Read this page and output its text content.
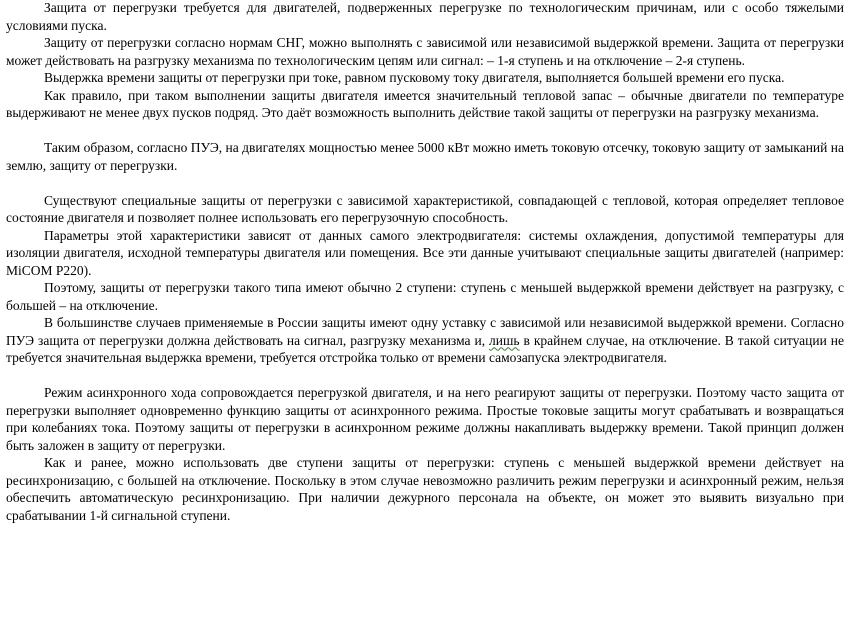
Защита от перегрузки требуется для двигателей, подверженных перегрузке по технологическим причинам, или с особо тяжелыми условиями пуска.

Защиту от перегрузки согласно нормам СНГ, можно выполнять с зависимой или независимой выдержкой времени. Защита от перегрузки может действовать на разгрузку механизма по технологическим цепям или сигнал: – 1-я ступень и на отключение – 2-я ступень.

Выдержка времени защиты от перегрузки при токе, равном пусковому току двигателя, выполняется большей времени его пуска.

Как правило, при таком выполнении защиты двигателя имеется значительный тепловой запас – обычные двигатели по температуре выдерживают не менее двух пусков подряд. Это даёт возможность выполнить действие такой защиты от перегрузки на разгрузку механизма.

Таким образом, согласно ПУЭ, на двигателях мощностью менее 5000 кВт можно иметь токовую отсечку, токовую защиту от замыканий на землю, защиту от перегрузки.

Существуют специальные защиты от перегрузки с зависимой характеристикой, совпадающей с тепловой, которая определяет тепловое состояние двигателя и позволяет полнее использовать его перегрузочную способность.

Параметры этой характеристики зависят от данных самого электродвигателя: системы охлаждения, допустимой температуры для изоляции двигателя, исходной температуры двигателя или помещения. Все эти данные учитывают специальные защиты двигателей (например: MiCOM P220).

Поэтому, защиты от перегрузки такого типа имеют обычно 2 ступени: ступень с меньшей выдержкой времени действует на разгрузку, с большей – на отключение.

В большинстве случаев применяемые в России защиты имеют одну уставку с зависимой или независимой выдержкой времени. Согласно ПУЭ защита от перегрузки должна действовать на сигнал, разгрузку механизма и, лишь в крайнем случае, на отключение. В такой ситуации не требуется значительная выдержка времени, требуется отстройка только от времени самозапуска электродвигателя.

Режим асинхронного хода сопровождается перегрузкой двигателя, и на него реагируют защиты от перегрузки. Поэтому часто защита от перегрузки выполняет одновременно функцию защиты от асинхронного режима. Простые токовые защиты могут срабатывать и возвращаться при колебаниях тока. Поэтому защиты от перегрузки в асинхронном режиме должны накапливать выдержку времени. Такой принцип должен быть заложен в защиту от перегрузки.

Как и ранее, можно использовать две ступени защиты от перегрузки: ступень с меньшей выдержкой времени действует на ресинхронизацию, с большей на отключение. Поскольку в этом случае невозможно различить режим перегрузки и асинхронный режим, нельзя обеспечить автоматическую ресинхронизацию. При наличии дежурного персонала на объекте, он может это выявить визуально при срабатывании 1-й сигнальной ступени.
